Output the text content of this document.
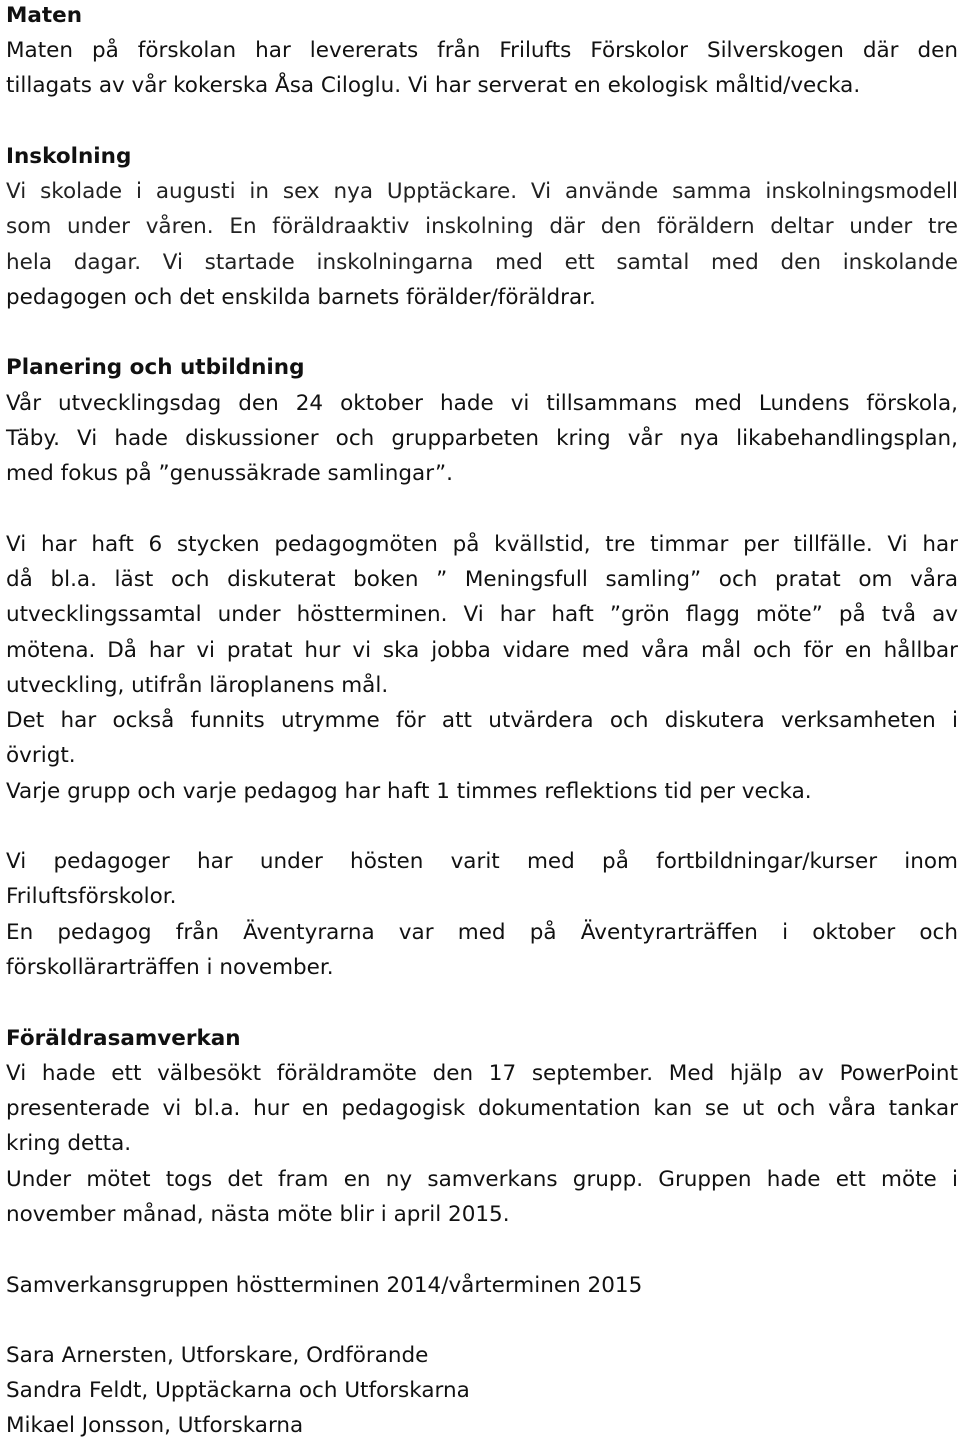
Maten
Maten på förskolan har levererats från Frilufts Förskolor Silverskogen där den
tillagats av vår kokerska Åsa Ciloglu. Vi har serverat en ekologisk måltid/vecka.
Inskolning
Vi skolade i augusti in sex nya Upptäckare. Vi använde samma inskolningsmodell
som under våren. En föräldraaktiv inskolning där den föräldern deltar under tre
hela dagar. Vi startade inskolningarna med ett samtal med den inskolande
pedagogen och det enskilda barnets förälder/föräldrar.
Planering och utbildning
Vår utvecklingsdag den 24 oktober hade vi tillsammans med Lundens förskola,
Täby. Vi hade diskussioner och grupparbeten kring vår nya likabehandlingsplan,
med fokus på ”genussäkrade samlingar”.
Vi har haft 6 stycken pedagogmöten på kvällstid, tre timmar per tillfälle. Vi har
då bl.a. läst och diskuterat boken ” Meningsfull samling” och pratat om våra
utvecklingssamtal under höstterminen. Vi har haft ”grön flagg möte” på två av
mötena. Då har vi pratat hur vi ska jobba vidare med våra mål och för en hållbar
utveckling, utifrån läroplanens mål.
Det har också funnits utrymme för att utvärdera och diskutera verksamheten i
övrigt.
Varje grupp och varje pedagog har haft 1 timmes reflektions tid per vecka.
Vi pedagoger har under hösten varit med på fortbildningar/kurser inom
Friluftsförskolor.
En pedagog från Äventyrarna var med på Äventyrarträffen i oktober och
förskollärarträffen i november.
Föräldrasamverkan
Vi hade ett välbesökt föräldramöte den 17 september. Med hjälp av PowerPoint
presenterade vi bl.a. hur en pedagogisk dokumentation kan se ut och våra tankar
kring detta.
Under mötet togs det fram en ny samverkans grupp. Gruppen hade ett möte i
november månad, nästa möte blir i april 2015.
Samverkansgruppen höstterminen 2014/vårterminen 2015
Sara Arnersten, Utforskare, Ordförande
Sandra Feldt, Upptäckarna och Utforskarna
Mikael Jonsson, Utforskarna
